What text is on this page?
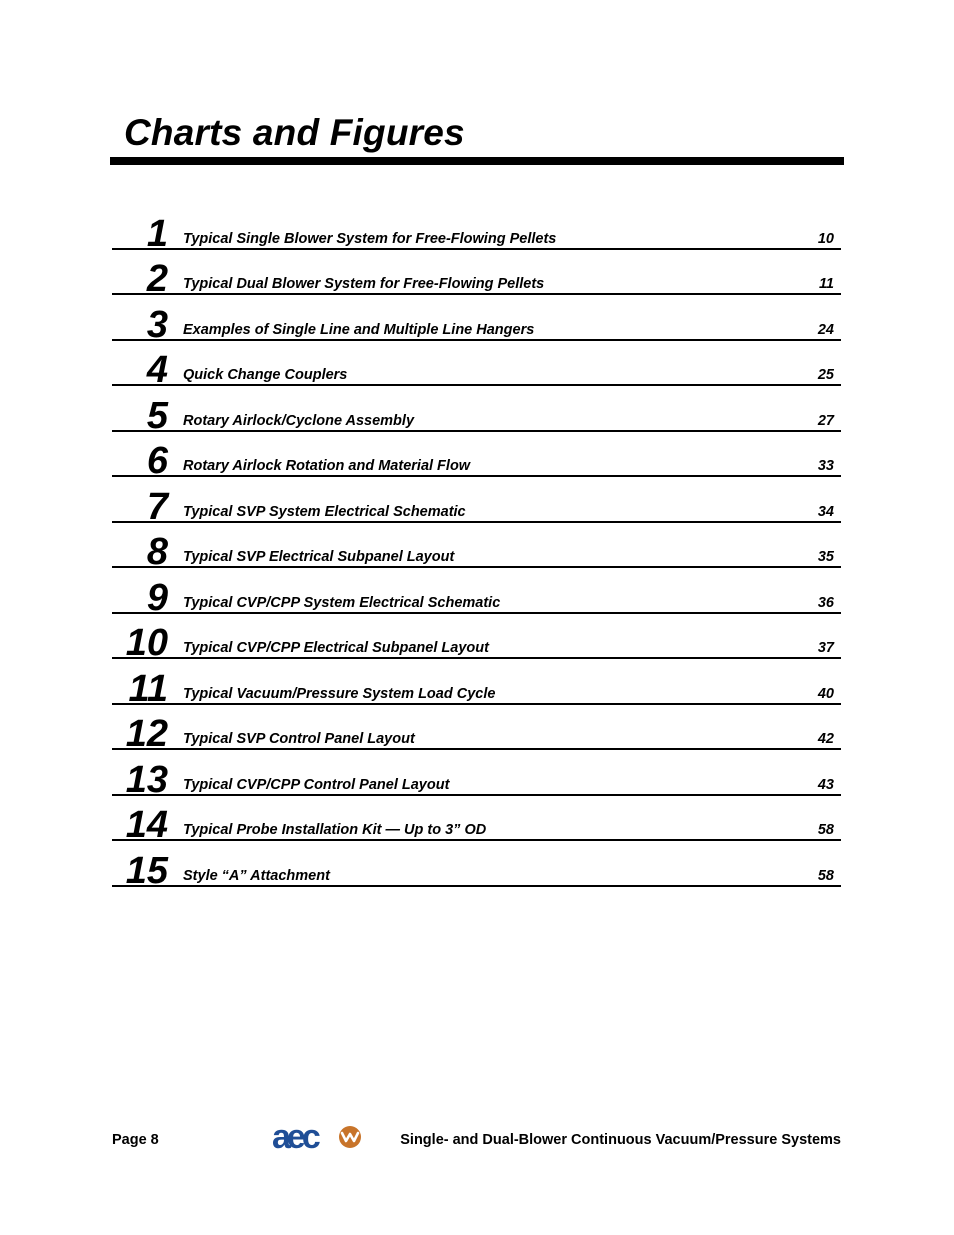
Charts and Figures
1 Typical Single Blower System for Free-Flowing Pellets	10
2 Typical Dual Blower System for Free-Flowing Pellets	11
3 Examples of Single Line and Multiple Line Hangers	24
4 Quick Change Couplers	25
5 Rotary Airlock/Cyclone Assembly	27
6 Rotary Airlock Rotation and Material Flow	33
7 Typical SVP System Electrical Schematic	34
8 Typical SVP Electrical Subpanel Layout	35
9 Typical CVP/CPP System Electrical Schematic	36
10 Typical CVP/CPP Electrical Subpanel Layout	37
11 Typical Vacuum/Pressure System Load Cycle	40
12 Typical SVP Control Panel Layout	42
13 Typical CVP/CPP Control Panel Layout	43
14 Typical Probe Installation Kit — Up to 3” OD	58
15 Style “A” Attachment	58
Page 8	aec	Single- and Dual-Blower Continuous Vacuum/Pressure Systems
